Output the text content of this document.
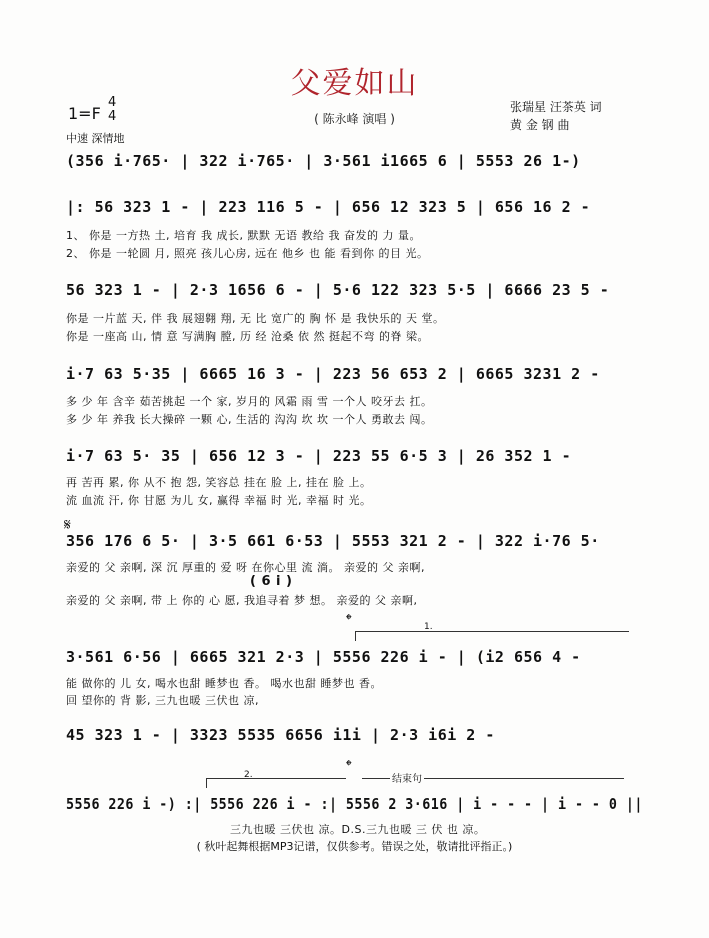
父爱如山
( 陈永峰 演唱 )
张瑞星 汪茶英 词
黄 金 钢 曲
1=F
4
4
中速 深情地
(356 i·765· | 322 i·765· | 3·561 i1665 6 | 5553 26 1-)
|: 56 323 1 - | 223 116 5 - | 656 12 323 5 | 656 16 2 -
1、 你是 一方热 土, 培育 我 成长, 默默 无语 教给 我 奋发的 力 量。
2、 你是 一轮圆 月, 照亮 孩儿心房, 远在 他乡 也 能 看到你 的目 光。
56 323 1 - | 2·3 1656 6 - | 5·6 122 323 5·5 | 6666 23 5 -
你是 一片蓝 天, 伴 我 展翅翱 翔, 无 比 宽广的 胸 怀 是 我快乐的 天 堂。
你是 一座高 山, 情 意 写满胸 膛, 历 经 沧桑 依 然 挺起不弯 的脊 梁。
i·7 63 5·35 | 6665 16 3 - | 223 56 653 2 | 6665 3231 2 -
多 少 年 含辛 茹苦挑起 一个 家, 岁月的 风霜 雨 雪 一个人 咬牙去 扛。
多 少 年 养我 长大操碎 一颗 心, 生活的 沟沟 坎 坎 一个人 勇敢去 闯。
i·7 63 5· 35 | 656 12 3 - | 223 55 6·5 3 | 26 352 1 -
再 苦再 累, 你 从不 抱 怨, 笑容总 挂在 脸 上, 挂在 脸 上。
流 血流 汗, 你 甘愿 为儿 女, 赢得 幸福 时 光, 幸福 时 光。
𝄋
356 176 6 5· | 3·5 661 6·53 | 5553 321 2 - | 322 i·76 5·
亲爱的 父 亲啊, 深 沉 厚重的 爱 呀 在你心里 流 淌。 亲爱的 父 亲啊,
( 6 i )
亲爱的 父 亲啊, 带 上 你的 心 愿, 我追寻着 梦 想。 亲爱的 父 亲啊,
𝄌	1.
3·561 6·56 | 6665 321 2·3 | 5556 226 i - | (i2 656 4 -
能 做你的 儿 女, 喝水也甜 睡梦也 香。 喝水也甜 睡梦也 香。
回 望你的 背 影, 三九也暖 三伏也 凉,
45 323 1 - | 3323 5535 6656 i1i | 2·3 i6i 2 -
𝄌
2.	结束句
5556 226 i -) :| 5556 226 i - :| 5556 2 3·616 | i - - - | i - - 0 ||
三九也暖 三伏也 凉。D.S.三九也暖 三 伏 也 凉。
( 秋叶起舞根据MP3记谱，仅供参考。错误之处，敬请批评指正。)
